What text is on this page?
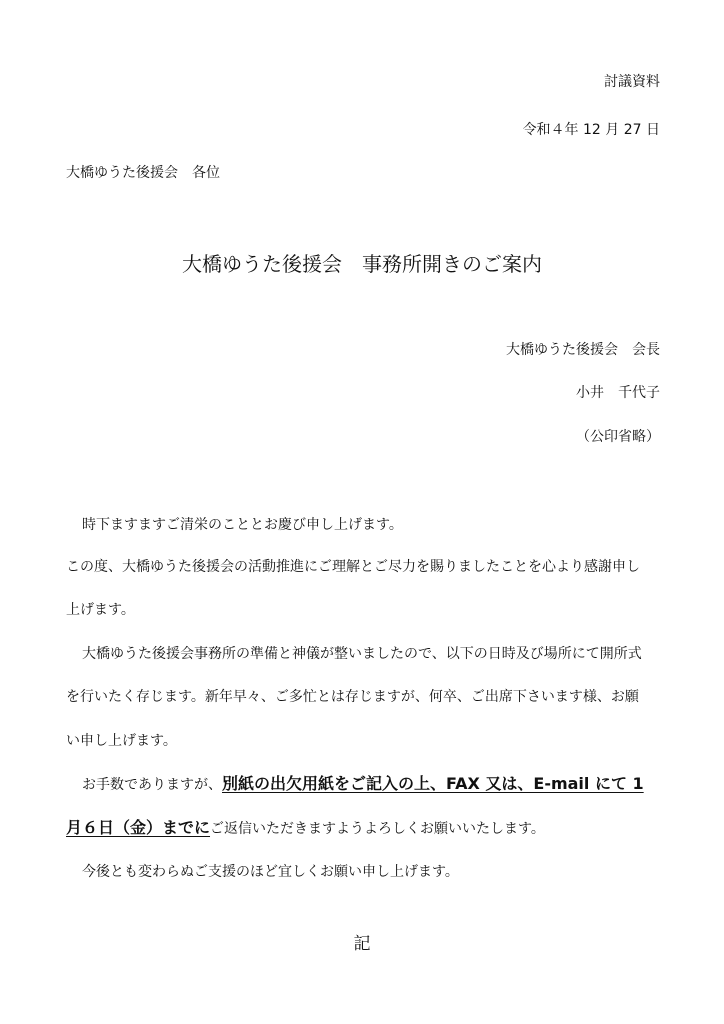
討議資料
令和４年 12 月 27 日
大橋ゆうた後援会　各位
大橋ゆうた後援会　事務所開きのご案内
大橋ゆうた後援会　会長
小井　千代子
（公印省略）
時下ますますご清栄のこととお慶び申し上げます。
この度、大橋ゆうた後援会の活動推進にご理解とご尽力を賜りましたことを心より感謝申し
上げます。
大橋ゆうた後援会事務所の準備と神儀が整いましたので、以下の日時及び場所にて開所式
を行いたく存じます。新年早々、ご多忙とは存じますが、何卒、ご出席下さいます様、お願
い申し上げます。
お手数でありますが、別紙の出欠用紙をご記入の上、FAX 又は、E-mail にて 1
月６日（金）までにご返信いただきますようよろしくお願いいたします。
今後とも変わらぬご支援のほど宜しくお願い申し上げます。
記
